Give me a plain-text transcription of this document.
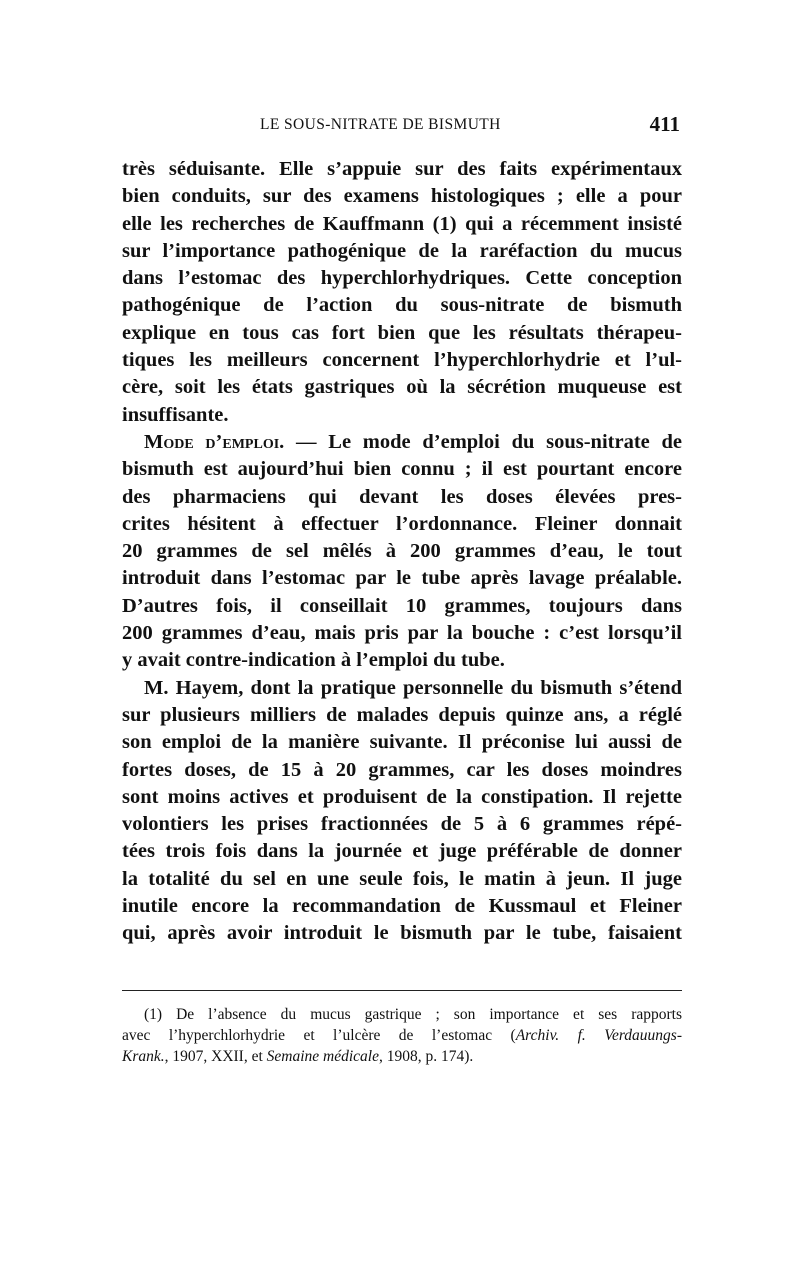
LE SOUS-NITRATE DE BISMUTH	411
très séduisante. Elle s’appuie sur des faits expérimentaux
bien conduits, sur des examens histologiques ; elle a pour
elle les recherches de Kauffmann (1) qui a récemment insisté
sur l’importance pathogénique de la raréfaction du mucus
dans l’estomac des hyperchlorhydriques. Cette conception
pathogénique de l’action du sous-nitrate de bismuth
explique en tous cas fort bien que les résultats thérapeu-
tiques les meilleurs concernent l’hyperchlorhydrie et l’ul-
cère, soit les états gastriques où la sécrétion muqueuse est
insuffisante.
Mode d’emploi. — Le mode d’emploi du sous-nitrate de
bismuth est aujourd’hui bien connu ; il est pourtant encore
des pharmaciens qui devant les doses élevées pres-
crites hésitent à effectuer l’ordonnance. Fleiner donnait
20 grammes de sel mêlés à 200 grammes d’eau, le tout
introduit dans l’estomac par le tube après lavage préalable.
D’autres fois, il conseillait 10 grammes, toujours dans
200 grammes d’eau, mais pris par la bouche : c’est lorsqu’il
y avait contre-indication à l’emploi du tube.
M. Hayem, dont la pratique personnelle du bismuth s’étend
sur plusieurs milliers de malades depuis quinze ans, a réglé
son emploi de la manière suivante. Il préconise lui aussi de
fortes doses, de 15 à 20 grammes, car les doses moindres
sont moins actives et produisent de la constipation. Il rejette
volontiers les prises fractionnées de 5 à 6 grammes répé-
tées trois fois dans la journée et juge préférable de donner
la totalité du sel en une seule fois, le matin à jeun. Il juge
inutile encore la recommandation de Kussmaul et Fleiner
qui, après avoir introduit le bismuth par le tube, faisaient
(1) De l’absence du mucus gastrique ; son importance et ses rapports
avec l’hyperchlorhydrie et l’ulcère de l’estomac (Archiv. f. Verdauungs-
Krank., 1907, XXII, et Semaine médicale, 1908, p. 174).
